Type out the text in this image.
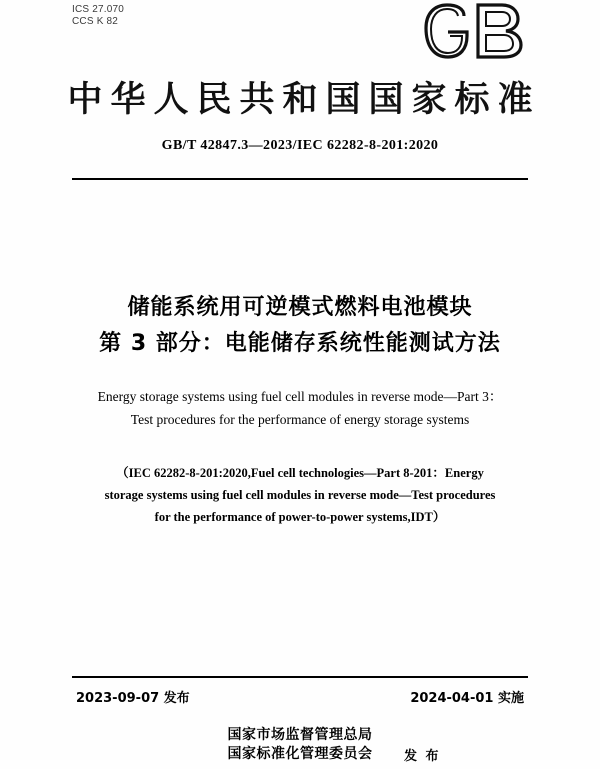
ICS 27.070
CCS K 82
中华人民共和国国家标准
GB/T 42847.3—2023/IEC 62282-8-201:2020
储能系统用可逆模式燃料电池模块
第 3 部分：电能储存系统性能测试方法
Energy storage systems using fuel cell modules in reverse mode—Part 3：
Test procedures for the performance of energy storage systems
（IEC 62282-8-201:2020,Fuel cell technologies—Part 8-201：Energy
storage systems using fuel cell modules in reverse mode—Test procedures
for the performance of power-to-power systems,IDT）
2023-09-07 发布	2024-04-01 实施
国家市场监督管理总局
国家标准化管理委员会	发 布
